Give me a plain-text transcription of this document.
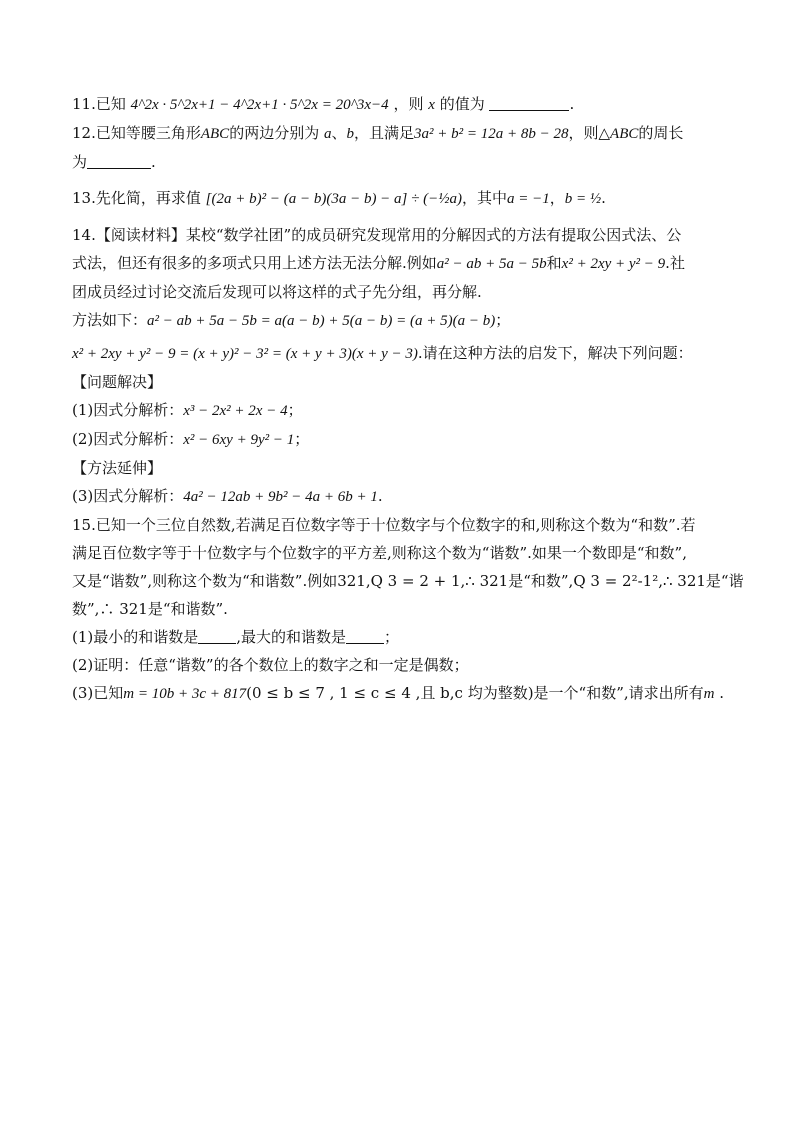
11.已知 4^2x · 5^2x+1 − 4^2x+1 · 5^2x = 20^3x−4 ，则 x 的值为	.
12.已知等腰三角形ABC的两边分别为 a、b，且满足3a² + b² = 12a + 8b − 28，则△ABC的周长
为	.
13.先化简，再求值 [(2a + b)² − (a − b)(3a − b) − a] ÷ (−½a)，其中a = −1，b = ½.
14.【阅读材料】某校“数学社团”的成员研究发现常用的分解因式的方法有提取公因式法、公
式法，但还有很多的多项式只用上述方法无法分解.例如a² − ab + 5a − 5b和x² + 2xy + y² − 9.社
团成员经过讨论交流后发现可以将这样的式子先分组，再分解.
方法如下：a² − ab + 5a − 5b = a(a − b) + 5(a − b) = (a + 5)(a − b)；
x² + 2xy + y² − 9 = (x + y)² − 3² = (x + y + 3)(x + y − 3).请在这种方法的启发下，解决下列问题：
【问题解决】
(1)因式分解析：x³ − 2x² + 2x − 4；
(2)因式分解析：x² − 6xy + 9y² − 1；
【方法延伸】
(3)因式分解析：4a² − 12ab + 9b² − 4a + 6b + 1.
15.已知一个三位自然数,若满足百位数字等于十位数字与个位数字的和,则称这个数为“和数”.若
满足百位数字等于十位数字与个位数字的平方差,则称这个数为“谐数”.如果一个数即是“和数”,
又是“谐数”,则称这个数为“和谐数”.例如321,Q 3 = 2 + 1,∴ 321是“和数”,Q 3 = 2²-1²,∴ 321是“谐
数”,∴ 321是“和谐数”.
(1)最小的和谐数是	,最大的和谐数是	；
(2)证明：任意“谐数”的各个数位上的数字之和一定是偶数；
(3)已知m = 10b + 3c + 817(0 ≤ b ≤ 7 , 1 ≤ c ≤ 4 ,且 b,c 均为整数)是一个“和数”,请求出所有m .
